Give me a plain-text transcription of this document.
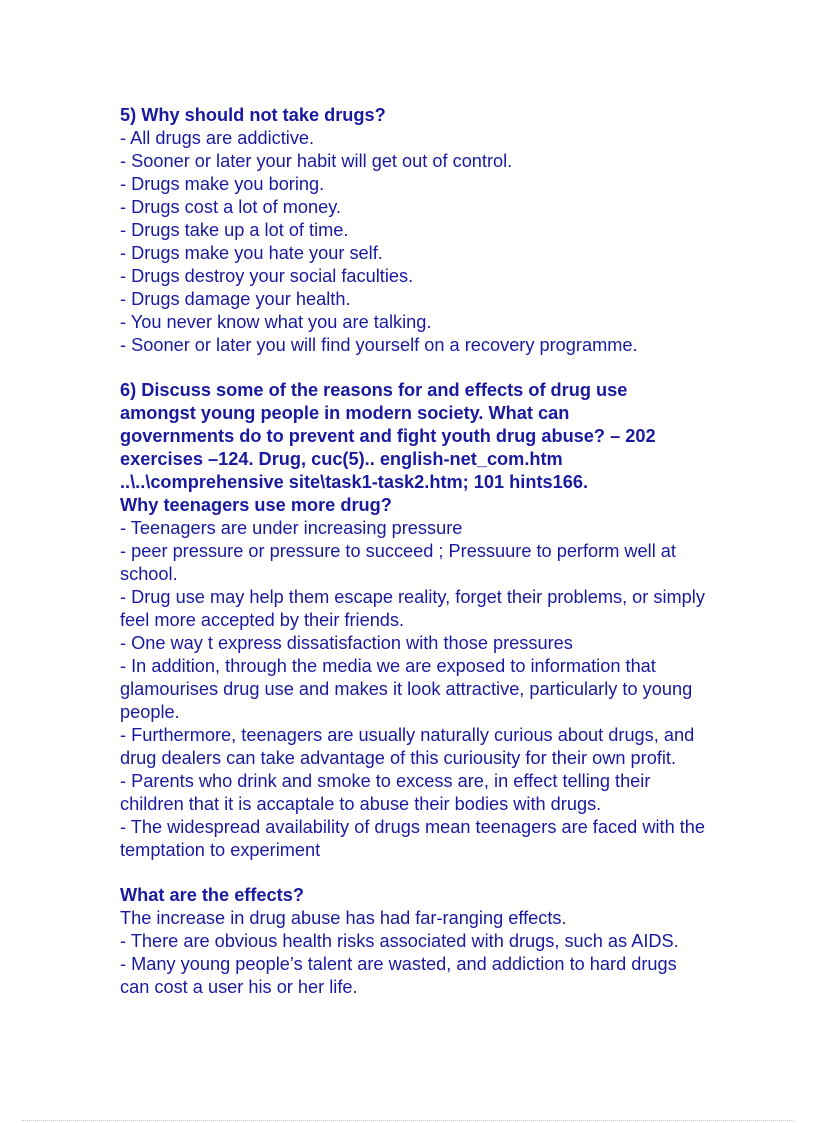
5) Why should not take drugs?
- All drugs are addictive.
- Sooner or later your habit will get out of control.
- Drugs make you boring.
- Drugs cost a lot of money.
- Drugs take up a lot of time.
- Drugs make you hate your self.
- Drugs destroy your social faculties.
- Drugs damage your health.
- You never know what you are talking.
- Sooner or later you will find yourself on a recovery programme.
6) Discuss some of the reasons for and effects of drug use
amongst young people in modern society. What can
governments do to prevent and fight youth drug abuse? – 202
exercises –124. Drug, cuc(5).. english-net_com.htm
..\..\comprehensive site\task1-task2.htm; 101 hints166.
Why teenagers use more drug?
- Teenagers are under increasing pressure
- peer pressure or pressure to succeed ; Pressuure to perform well at school.
- Drug use may help them escape reality, forget their problems, or simply feel more accepted by their friends.
- One way t express dissatisfaction with those pressures
- In addition, through the media we are exposed to information that glamourises drug use and makes it look attractive, particularly to young people.
- Furthermore, teenagers are usually naturally curious about drugs, and drug dealers can take advantage of this curiousity for their own profit.
- Parents who drink and smoke to excess are, in effect telling their children that it is accaptale to abuse their bodies with drugs.
- The widespread availability of drugs mean teenagers are faced with the temptation to experiment
What are the effects?
The increase in drug abuse has had far-ranging effects.
- There are obvious health risks associated with drugs, such as AIDS.
- Many young people’s talent are wasted, and addiction to hard drugs can cost a user his or her life.
